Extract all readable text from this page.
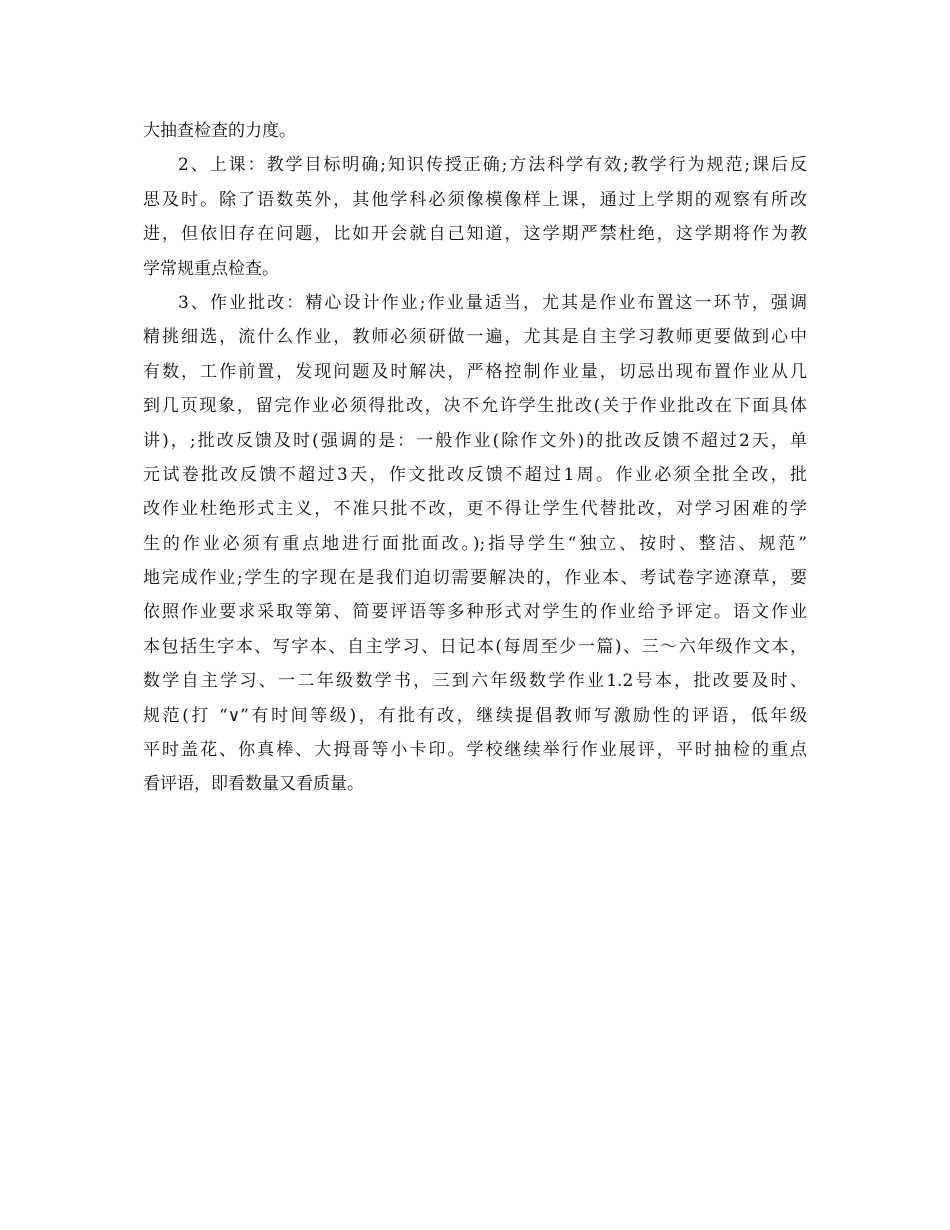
大抽查检查的力度。
2、上课：教学目标明确;知识传授正确;方法科学有效;教学行为规范;课后反
思及时。除了语数英外，其他学科必须像模像样上课，通过上学期的观察有所改
进，但依旧存在问题，比如开会就自己知道，这学期严禁杜绝，这学期将作为教
学常规重点检查。
3、作业批改：精心设计作业;作业量适当，尤其是作业布置这一环节，强调
精挑细选，流什么作业，教师必须研做一遍，尤其是自主学习教师更要做到心中
有数，工作前置，发现问题及时解决，严格控制作业量，切忌出现布置作业从几
到几页现象，留完作业必须得批改，决不允许学生批改(关于作业批改在下面具体
讲)，;批改反馈及时(强调的是：一般作业(除作文外)的批改反馈不超过2天，单
元试卷批改反馈不超过3天，作文批改反馈不超过1周。作业必须全批全改，批
改作业杜绝形式主义，不准只批不改，更不得让学生代替批改，对学习困难的学
生的作业必须有重点地进行面批面改。);指导学生“独立、按时、整洁、规范”
地完成作业;学生的字现在是我们迫切需要解决的，作业本、考试卷字迹潦草，要
依照作业要求采取等第、简要评语等多种形式对学生的作业给予评定。语文作业
本包括生字本、写字本、自主学习、日记本(每周至少一篇)、三～六年级作文本，
数学自主学习、一二年级数学书，三到六年级数学作业1.2号本，批改要及时、
规范(打 “∨”有时间等级)，有批有改，继续提倡教师写激励性的评语，低年级
平时盖花、你真棒、大拇哥等小卡印。学校继续举行作业展评，平时抽检的重点
看评语，即看数量又看质量。
